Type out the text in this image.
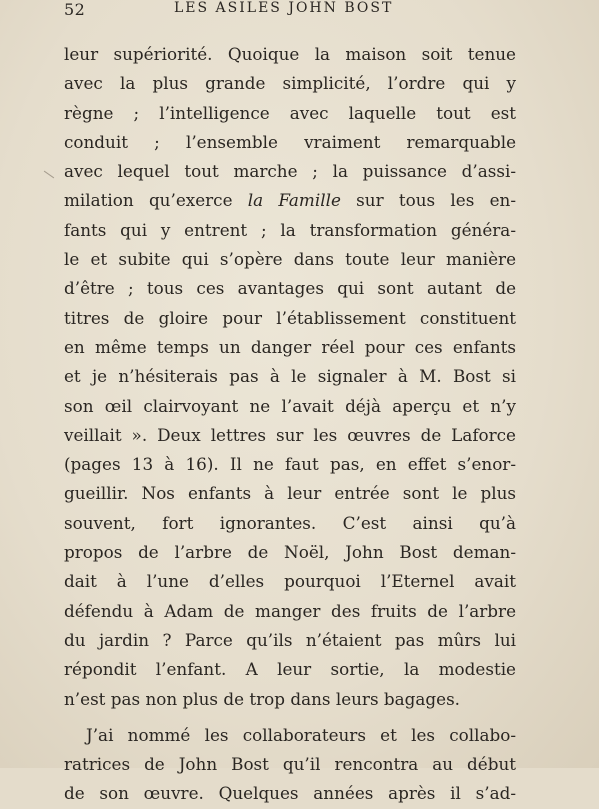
52	LES ASILES JOHN BOST
leur supériorité. Quoique la maison soit tenue
avec la plus grande simplicité, l’ordre qui y
règne ; l’intelligence avec laquelle tout est
conduit ; l’ensemble vraiment remarquable
avec lequel tout marche ; la puissance d’assi-
milation qu’exerce la Famille sur tous les en-
fants qui y entrent ; la transformation généra-
le et subite qui s’opère dans toute leur manière
d’être ; tous ces avantages qui sont autant de
titres de gloire pour l’établissement constituent
en même temps un danger réel pour ces enfants
et je n’hésiterais pas à le signaler à M. Bost si
son œil clairvoyant ne l’avait déjà aperçu et n’y
veillait ». Deux lettres sur les œuvres de Laforce
(pages 13 à 16). Il ne faut pas, en effet s’enor-
gueillir. Nos enfants à leur entrée sont le plus
souvent, fort ignorantes. C’est ainsi qu’à
propos de l’arbre de Noël, John Bost deman-
dait à l’une d’elles pourquoi l’Eternel avait
défendu à Adam de manger des fruits de l’arbre
du jardin ? Parce qu’ils n’étaient pas mûrs lui
répondit l’enfant. A leur sortie, la modestie
n’est pas non plus de trop dans leurs bagages.
J’ai nommé les collaborateurs et les collabo-
ratrices de John Bost qu’il rencontra au début
de son œuvre. Quelques années après il s’ad-
